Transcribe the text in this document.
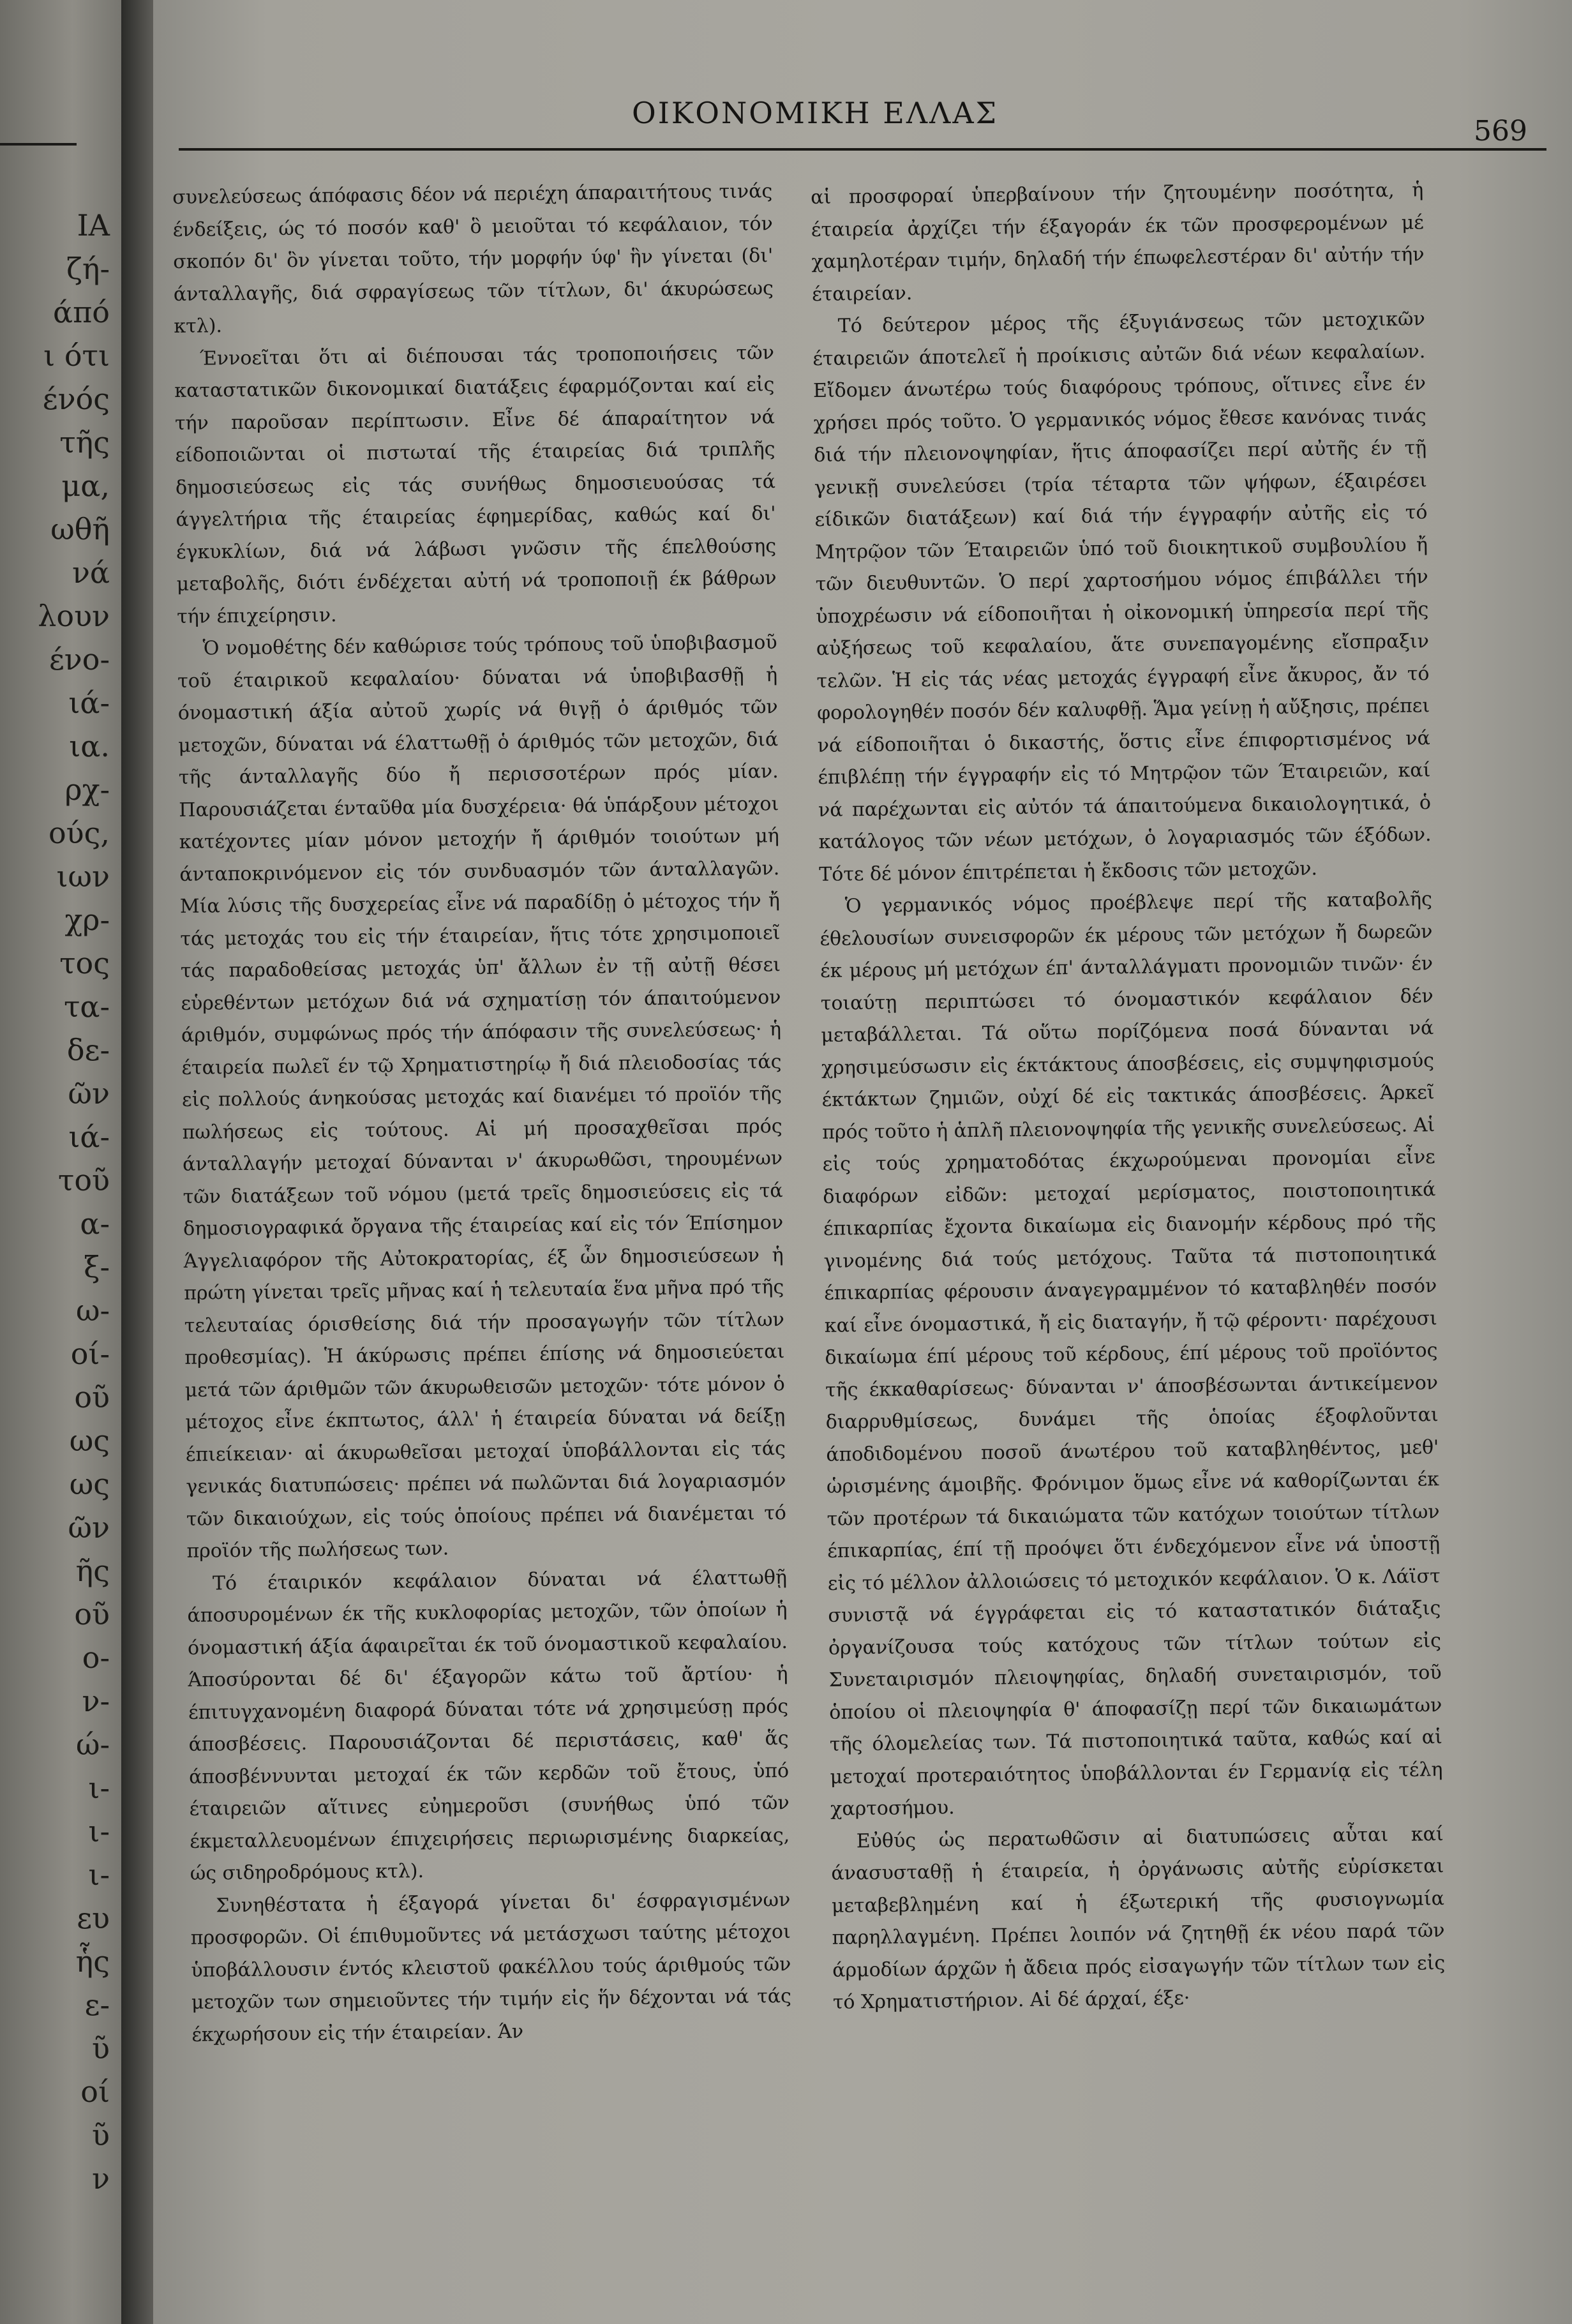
ΙΑ
ζή-
άπό
ι ότι
ένός
τῆς
μα,
ωθῆ
νά
λουν
ένο-
ιά-
ια.
ρχ-
ούς,
ιων
χρ-
τος
τα-
δε-
ῶν
ιά-
τοῦ
α-
ξ-
ω-
οί-
οῦ
ως
ως
ῶν
ῆς
οῦ
ο-
ν-
ώ-
ι-
ι-
ι-
ευ
ἧς
ε-
ῦ
οί
ῦ
ν
ΟΙΚΟΝΟΜΙΚΗ ΕΛΛΑΣ
569

συνελεύσεως άπόφασις δέον νά περιέχη άπαραιτήτους τινάς ένδείξεις, ώς τό ποσόν καθ' ὃ μειοῦται τό κεφάλαιον, τόν σκοπόν δι' ὃν γίνεται τοῦτο, τήν μορφήν ύφ' ἣν γίνεται (δι' άνταλλαγῆς, διά σφραγίσεως τῶν τίτλων, δι' άκυρώσεως κτλ).

Έννοεῖται ὅτι αἱ διέπουσαι τάς τροποποιήσεις τῶν καταστατικῶν δικονομικαί διατάξεις έφαρμόζονται καί εἰς τήν παροῦσαν περίπτωσιν. Εἶνε δέ άπαραίτητον νά είδοποιῶνται οἱ πιστωταί τῆς έταιρείας διά τριπλῆς δημοσιεύσεως εἰς τάς συνήθως δημοσιευούσας τά άγγελτήρια τῆς έταιρείας έφημερίδας, καθώς καί δι' έγκυκλίων, διά νά λάβωσι γνῶσιν τῆς έπελθούσης μεταβολῆς, διότι ένδέχεται αὐτή νά τροποποιῇ έκ βάθρων τήν έπιχείρησιν.

Ὁ νομοθέτης δέν καθώρισε τούς τρόπους τοῦ ὑποβιβασμοῦ τοῦ έταιρικοῦ κεφαλαίου· δύναται νά ὑποβιβασθῇ ἡ όνομαστική άξία αὐτοῦ χωρίς νά θιγῇ ὁ άριθμός τῶν μετοχῶν, δύναται νά έλαττωθῇ ὁ άριθμός τῶν μετοχῶν, διά τῆς άνταλλαγῆς δύο ἤ περισσοτέρων πρός μίαν. Παρουσιάζεται ένταῦθα μία δυσχέρεια· θά ὑπάρξουν μέτοχοι κατέχοντες μίαν μόνον μετοχήν ἤ άριθμόν τοιούτων μή άνταποκρινόμενον εἰς τόν συνδυασμόν τῶν άνταλλαγῶν. Μία λύσις τῆς δυσχερείας εἶνε νά παραδίδῃ ὁ μέτοχος τήν ἤ τάς μετοχάς του εἰς τήν έταιρείαν, ἥτις τότε χρησιμοποιεῖ τάς παραδοθείσας μετοχάς ὑπ' ἄλλων ἐν τῇ αὐτῇ θέσει εὑρεθέντων μετόχων διά νά σχηματίσῃ τόν άπαιτούμενον άριθμόν, συμφώνως πρός τήν άπόφασιν τῆς συνελεύσεως· ἡ έταιρεία πωλεῖ έν τῷ Χρηματιστηρίῳ ἤ διά πλειοδοσίας τάς εἰς πολλούς άνηκούσας μετοχάς καί διανέμει τό προϊόν τῆς πωλήσεως εἰς τούτους. Αἱ μή προσαχθεῖσαι πρός άνταλλαγήν μετοχαί δύνανται ν' άκυρωθῶσι, τηρουμένων τῶν διατάξεων τοῦ νόμου (μετά τρεῖς δημοσιεύσεις εἰς τά δημοσιογραφικά ὄργανα τῆς έταιρείας καί εἰς τόν Έπίσημον Άγγελιαφόρον τῆς Αὐτοκρατορίας, έξ ὧν δημοσιεύσεων ἡ πρώτη γίνεται τρεῖς μῆνας καί ἡ τελευταία ἕνα μῆνα πρό τῆς τελευταίας όρισθείσης διά τήν προσαγωγήν τῶν τίτλων προθεσμίας). Ἡ άκύρωσις πρέπει έπίσης νά δημοσιεύεται μετά τῶν άριθμῶν τῶν άκυρωθεισῶν μετοχῶν· τότε μόνον ὁ μέτοχος εἶνε έκπτωτος, άλλ' ἡ έταιρεία δύναται νά δείξῃ έπιείκειαν· αἱ άκυρωθεῖσαι μετοχαί ὑποβάλλονται εἰς τάς γενικάς διατυπώσεις· πρέπει νά πωλῶνται διά λογαριασμόν τῶν δικαιούχων, εἰς τούς ὁποίους πρέπει νά διανέμεται τό προϊόν τῆς πωλήσεως των.

Τό έταιρικόν κεφάλαιον δύναται νά έλαττωθῇ άποσυρομένων έκ τῆς κυκλοφορίας μετοχῶν, τῶν ὁποίων ἡ όνομαστική άξία άφαιρεῖται έκ τοῦ όνομαστικοῦ κεφαλαίου. Άποσύρονται δέ δι' έξαγορῶν κάτω τοῦ ἄρτίου· ἡ έπιτυγχανομένη διαφορά δύναται τότε νά χρησιμεύσῃ πρός άποσβέσεις. Παρουσιάζονται δέ περιστάσεις, καθ' ἅς άποσβέννυνται μετοχαί έκ τῶν κερδῶν τοῦ ἔτους, ὑπό έταιρειῶν αἵτινες εὐημεροῦσι (συνήθως ὑπό τῶν έκμεταλλευομένων έπιχειρήσεις περιωρισμένης διαρκείας, ώς σιδηροδρόμους κτλ).

Συνηθέστατα ἡ έξαγορά γίνεται δι' έσφραγισμένων προσφορῶν. Οἱ έπιθυμοῦντες νά μετάσχωσι ταύτης μέτοχοι ὑποβάλλουσιν έντός κλειστοῦ φακέλλου τούς άριθμούς τῶν μετοχῶν των σημειοῦντες τήν τιμήν εἰς ἥν δέχονται νά τάς έκχωρήσουν εἰς τήν έταιρείαν. Άν

αἱ προσφοραί ὑπερβαίνουν τήν ζητουμένην ποσότητα, ἡ έταιρεία ἀρχίζει τήν έξαγοράν έκ τῶν προσφερομένων μέ χαμηλοτέραν τιμήν, δηλαδή τήν έπωφελεστέραν δι' αὐτήν τήν έταιρείαν.

Τό δεύτερον μέρος τῆς έξυγιάνσεως τῶν μετοχικῶν έταιρειῶν άποτελεῖ ἡ προίκισις αὐτῶν διά νέων κεφαλαίων. Εἴδομεν άνωτέρω τούς διαφόρους τρόπους, οἵτινες εἶνε έν χρήσει πρός τοῦτο. Ὁ γερμανικός νόμος ἔθεσε κανόνας τινάς διά τήν πλειονοψηφίαν, ἥτις άποφασίζει περί αὐτῆς έν τῇ γενικῇ συνελεύσει (τρία τέταρτα τῶν ψήφων, έξαιρέσει είδικῶν διατάξεων) καί διά τήν έγγραφήν αὐτῆς εἰς τό Μητρῷον τῶν Έταιρειῶν ὑπό τοῦ διοικητικοῦ συμβουλίου ἤ τῶν διευθυντῶν. Ὁ περί χαρτοσήμου νόμος έπιβάλλει τήν ὑποχρέωσιν νά είδοποιῆται ἡ οἰκονομική ὑπηρεσία περί τῆς αὐξήσεως τοῦ κεφαλαίου, ἅτε συνεπαγομένης εἴσπραξιν τελῶν. Ἡ εἰς τάς νέας μετοχάς έγγραφή εἶνε ἄκυρος, ἄν τό φορολογηθέν ποσόν δέν καλυφθῇ. Ἅμα γείνῃ ἡ αὔξησις, πρέπει νά είδοποιῆται ὁ δικαστής, ὅστις εἶνε έπιφορτισμένος νά έπιβλέπῃ τήν έγγραφήν εἰς τό Μητρῷον τῶν Έταιρειῶν, καί νά παρέχωνται εἰς αὐτόν τά άπαιτούμενα δικαιολογητικά, ὁ κατάλογος τῶν νέων μετόχων, ὁ λογαριασμός τῶν έξόδων. Τότε δέ μόνον έπιτρέπεται ἡ ἔκδοσις τῶν μετοχῶν.

Ὁ γερμανικός νόμος προέβλεψε περί τῆς καταβολῆς έθελουσίων συνεισφορῶν έκ μέρους τῶν μετόχων ἤ δωρεῶν έκ μέρους μή μετόχων έπ' άνταλλάγματι προνομιῶν τινῶν· έν τοιαύτῃ περιπτώσει τό όνομαστικόν κεφάλαιον δέν μεταβάλλεται. Τά οὕτω πορίζόμενα ποσά δύνανται νά χρησιμεύσωσιν εἰς έκτάκτους άποσβέσεις, εἰς συμψηφισμούς έκτάκτων ζημιῶν, οὐχί δέ εἰς τακτικάς άποσβέσεις. Άρκεῖ πρός τοῦτο ἡ ἁπλῆ πλειονοψηφία τῆς γενικῆς συνελεύσεως. Αἱ εἰς τούς χρηματοδότας έκχωρούμεναι προνομίαι εἶνε διαφόρων εἰδῶν: μετοχαί μερίσματος, ποιστοποιητικά έπικαρπίας ἔχοντα δικαίωμα εἰς διανομήν κέρδους πρό τῆς γινομένης διά τούς μετόχους. Ταῦτα τά πιστοποιητικά έπικαρπίας φέρουσιν άναγεγραμμένον τό καταβληθέν ποσόν καί εἶνε όνομαστικά, ἤ εἰς διαταγήν, ἤ τῷ φέροντι· παρέχουσι δικαίωμα έπί μέρους τοῦ κέρδους, έπί μέρους τοῦ προϊόντος τῆς έκκαθαρίσεως· δύνανται ν' άποσβέσωνται άντικείμενον διαρρυθμίσεως, δυνάμει τῆς ὁποίας έξοφλοῦνται άποδιδομένου ποσοῦ άνωτέρου τοῦ καταβληθέντος, μεθ' ὡρισμένης άμοιβῆς. Φρόνιμον ὅμως εἶνε νά καθορίζωνται έκ τῶν προτέρων τά δικαιώματα τῶν κατόχων τοιούτων τίτλων έπικαρπίας, έπί τῇ προόψει ὅτι ένδεχόμενον εἶνε νά ὑποστῇ εἰς τό μέλλον ἀλλοιώσεις τό μετοχικόν κεφάλαιον. Ὁ κ. Λάϊστ συνιστᾷ νά έγγράφεται εἰς τό καταστατικόν διάταξις ὀργανίζουσα τούς κατόχους τῶν τίτλων τούτων εἰς Συνεταιρισμόν πλειοψηφίας, δηλαδή συνεταιρισμόν, τοῦ ὁποίου οἱ πλειοψηφία θ' άποφασίζῃ περί τῶν δικαιωμάτων τῆς όλομελείας των. Τά πιστοποιητικά ταῦτα, καθώς καί αἱ μετοχαί προτεραιότητος ὑποβάλλονται έν Γερμανίᾳ εἰς τέλη χαρτοσήμου.

Εὐθύς ὡς περατωθῶσιν αἱ διατυπώσεις αὗται καί άνασυσταθῇ ἡ έταιρεία, ἡ ὀργάνωσις αὐτῆς εὑρίσκεται μεταβεβλημένη καί ἡ έξωτερική τῆς φυσιογνωμία παρηλλαγμένη. Πρέπει λοιπόν νά ζητηθῇ έκ νέου παρά τῶν άρμοδίων άρχῶν ἡ ἄδεια πρός εἰσαγωγήν τῶν τίτλων των εἰς τό Χρηματιστήριον. Αἱ δέ άρχαί, έξε·
